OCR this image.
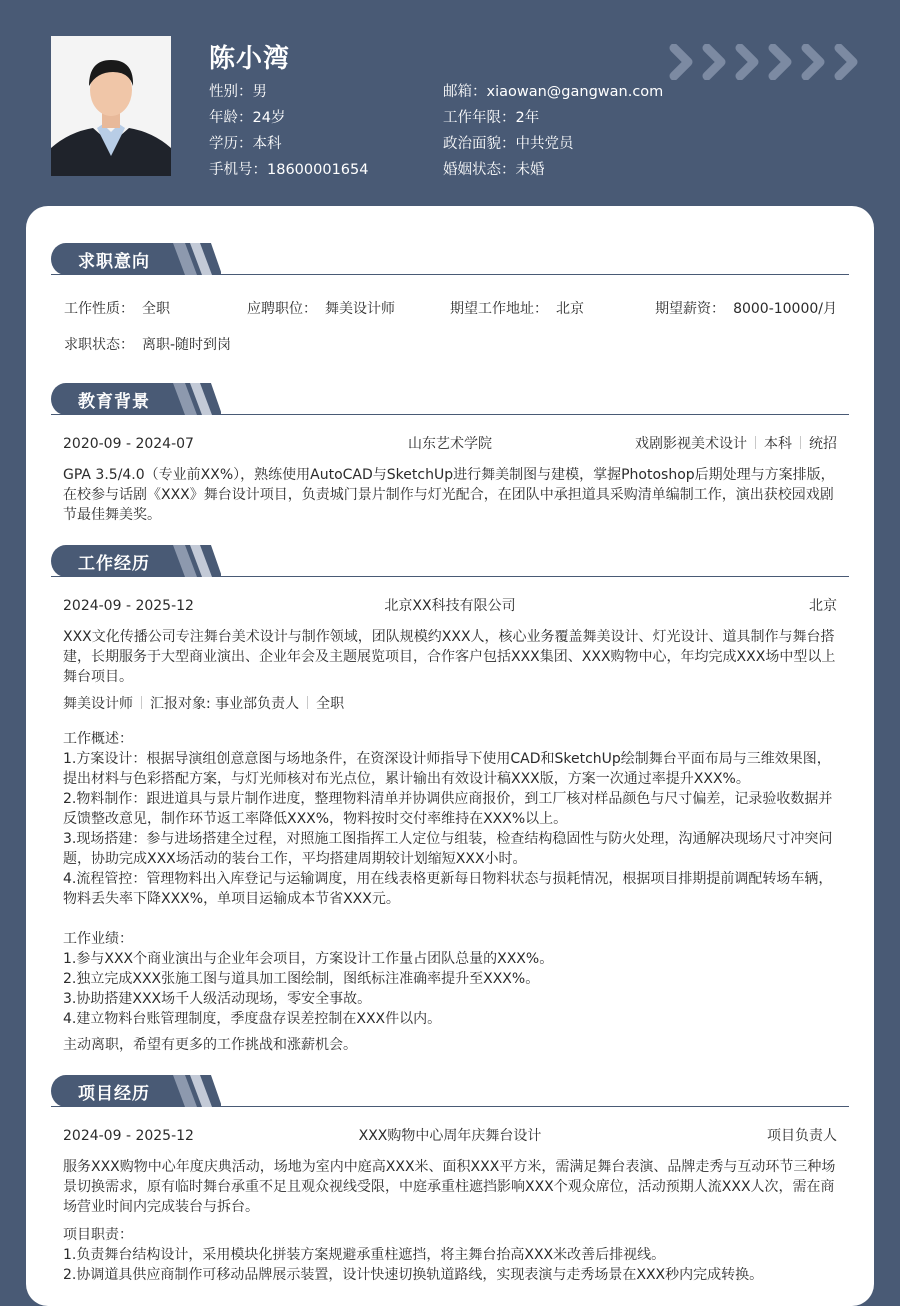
陈小湾
性别：男
年龄：24岁
学历：本科
手机号：18600001654
邮箱：xiaowan@gangwan.com
工作年限：2年
政治面貌：中共党员
婚姻状态：未婚
求职意向
工作性质： 全职	应聘职位： 舞美设计师	期望工作地址： 北京	期望薪资： 8000-10000/月
求职状态： 离职-随时到岗
教育背景
2020-09 - 2024-07	山东艺术学院	戏剧影视美术设计 本科 统招
GPA 3.5/4.0（专业前XX%），熟练使用AutoCAD与SketchUp进行舞美制图与建模，掌握Photoshop后期处理与方案排版，
在校参与话剧《XXX》舞台设计项目，负责城门景片制作与灯光配合，在团队中承担道具采购清单编制工作，演出获校园戏剧
节最佳舞美奖。
工作经历
2024-09 - 2025-12	北京XX科技有限公司	北京
XXX文化传播公司专注舞台美术设计与制作领域，团队规模约XXX人，核心业务覆盖舞美设计、灯光设计、道具制作与舞台搭
建，长期服务于大型商业演出、企业年会及主题展览项目，合作客户包括XXX集团、XXX购物中心，年均完成XXX场中型以上
舞台项目。
舞美设计师 汇报对象: 事业部负责人 全职
工作概述：
1.方案设计：根据导演组创意意图与场地条件，在资深设计师指导下使用CAD和SketchUp绘制舞台平面布局与三维效果图，
提出材料与色彩搭配方案，与灯光师核对布光点位，累计输出有效设计稿XXX版，方案一次通过率提升XXX%。
2.物料制作：跟进道具与景片制作进度，整理物料清单并协调供应商报价，到工厂核对样品颜色与尺寸偏差，记录验收数据并
反馈整改意见，制作环节返工率降低XXX%，物料按时交付率维持在XXX%以上。
3.现场搭建：参与进场搭建全过程，对照施工图指挥工人定位与组装，检查结构稳固性与防火处理，沟通解决现场尺寸冲突问
题，协助完成XXX场活动的装台工作，平均搭建周期较计划缩短XXX小时。
4.流程管控：管理物料出入库登记与运输调度，用在线表格更新每日物料状态与损耗情况，根据项目排期提前调配转场车辆，
物料丢失率下降XXX%，单项目运输成本节省XXX元。
工作业绩：
1.参与XXX个商业演出与企业年会项目，方案设计工作量占团队总量的XXX%。
2.独立完成XXX张施工图与道具加工图绘制，图纸标注准确率提升至XXX%。
3.协助搭建XXX场千人级活动现场，零安全事故。
4.建立物料台账管理制度，季度盘存误差控制在XXX件以内。
主动离职，希望有更多的工作挑战和涨薪机会。
项目经历
2024-09 - 2025-12	XXX购物中心周年庆舞台设计	项目负责人
服务XXX购物中心年度庆典活动，场地为室内中庭高XXX米、面积XXX平方米，需满足舞台表演、品牌走秀与互动环节三种场
景切换需求，原有临时舞台承重不足且观众视线受限，中庭承重柱遮挡影响XXX个观众席位，活动预期人流XXX人次，需在商
场营业时间内完成装台与拆台。
项目职责：
1.负责舞台结构设计，采用模块化拼装方案规避承重柱遮挡，将主舞台抬高XXX米改善后排视线。
2.协调道具供应商制作可移动品牌展示装置，设计快速切换轨道路线，实现表演与走秀场景在XXX秒内完成转换。
